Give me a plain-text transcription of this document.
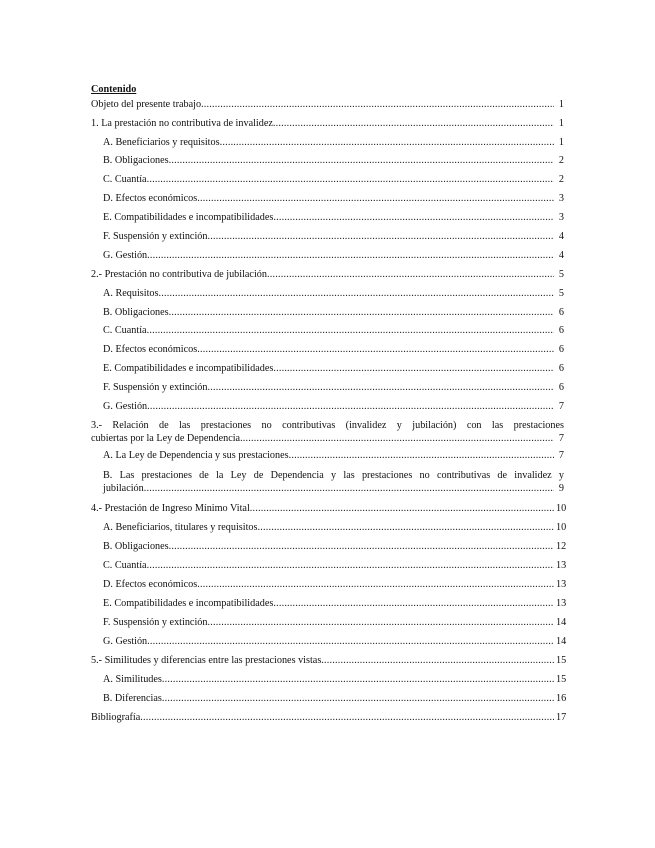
Contenido
Objeto del presente trabajo .....	1
1. La prestación no contributiva de invalidez .....	1
A. Beneficiarios y requisitos .....	1
B. Obligaciones .....	2
C. Cuantía .....	2
D. Efectos económicos .....	3
E. Compatibilidades e incompatibilidades .....	3
F. Suspensión y extinción .....	4
G. Gestión .....	4
2.- Prestación no contributiva de jubilación .....	5
A. Requisitos .....	5
B. Obligaciones .....	6
C. Cuantía .....	6
D. Efectos económicos .....	6
E. Compatibilidades e incompatibilidades .....	6
F. Suspensión y extinción .....	6
G. Gestión .....	7
3.- Relación de las prestaciones no contributivas (invalidez y jubilación) con las prestaciones
cubiertas por la Ley de Dependencia .....	7
A. La Ley de Dependencia y sus prestaciones .....	7
B. Las prestaciones de la Ley de Dependencia y las prestaciones no contributivas de invalidez y
jubilación .....	9
4.- Prestación de Ingreso Mínimo Vital .....	10
A. Beneficiarios, titulares y requisitos .....	10
B. Obligaciones .....	12
C. Cuantía .....	13
D. Efectos económicos .....	13
E. Compatibilidades e incompatibilidades .....	13
F. Suspensión y extinción .....	14
G. Gestión .....	14
5.- Similitudes y diferencias entre las prestaciones vistas .....	15
A. Similitudes .....	15
B. Diferencias .....	16
Bibliografía .....	17
